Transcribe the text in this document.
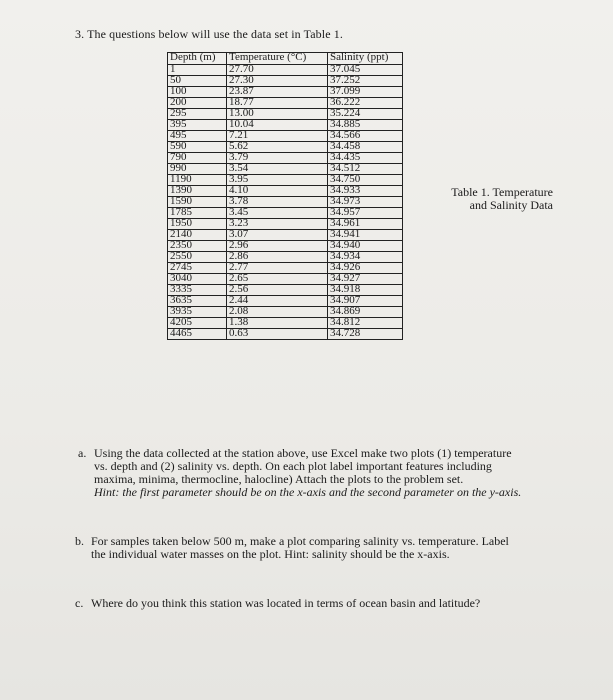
3. The questions below will use the data set in Table 1.
Depth (m)	Temperature (°C)	Salinity (ppt)
1	27.70	37.045
50	27.30	37.252
100	23.87	37.099
200	18.77	36.222
295	13.00	35.224
395	10.04	34.885
495	7.21	34.566
590	5.62	34.458
790	3.79	34.435
990	3.54	34.512
1190	3.95	34.750
1390	4.10	34.933
1590	3.78	34.973
1785	3.45	34.957
1950	3.23	34.961
2140	3.07	34.941
2350	2.96	34.940
2550	2.86	34.934
2745	2.77	34.926
3040	2.65	34.927
3335	2.56	34.918
3635	2.44	34.907
3935	2.08	34.869
4205	1.38	34.812
4465	0.63	34.728
Table 1. Temperature
and Salinity Data
a. Using the data collected at the station above, use Excel make two plots (1) temperature
vs. depth and (2) salinity vs. depth. On each plot label important features including
maxima, minima, thermocline, halocline) Attach the plots to the problem set.
Hint: the first parameter should be on the x-axis and the second parameter on the y-axis.
b. For samples taken below 500 m, make a plot comparing salinity vs. temperature. Label
the individual water masses on the plot. Hint: salinity should be the x-axis.
c. Where do you think this station was located in terms of ocean basin and latitude?
